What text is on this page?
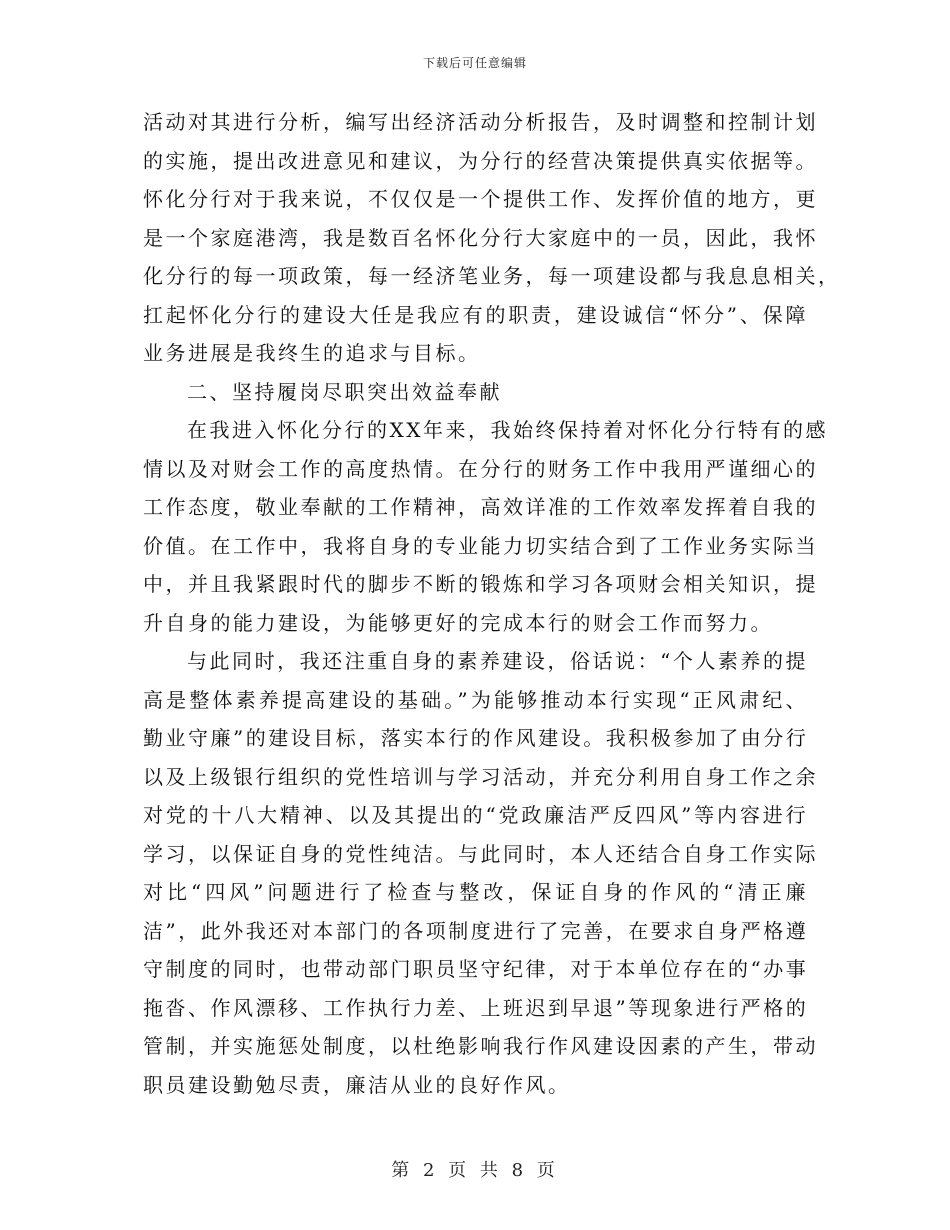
下载后可任意编辑
活动对其进行分析，编写出经济活动分析报告，及时调整和控制计划
的实施，提出改进意见和建议，为分行的经营决策提供真实依据等。
怀化分行对于我来说，不仅仅是一个提供工作、发挥价值的地方，更
是一个家庭港湾，我是数百名怀化分行大家庭中的一员，因此，我怀
化分行的每一项政策，每一经济笔业务，每一项建设都与我息息相关，
扛起怀化分行的建设大任是我应有的职责，建设诚信“怀分”、保障
业务进展是我终生的追求与目标。
二、坚持履岗尽职突出效益奉献
在我进入怀化分行的XX年来，我始终保持着对怀化分行特有的感
情以及对财会工作的高度热情。在分行的财务工作中我用严谨细心的
工作态度，敬业奉献的工作精神，高效详准的工作效率发挥着自我的
价值。在工作中，我将自身的专业能力切实结合到了工作业务实际当
中，并且我紧跟时代的脚步不断的锻炼和学习各项财会相关知识，提
升自身的能力建设，为能够更好的完成本行的财会工作而努力。
与此同时，我还注重自身的素养建设，俗话说：“个人素养的提
高是整体素养提高建设的基础。”为能够推动本行实现“正风肃纪、
勤业守廉”的建设目标，落实本行的作风建设。我积极参加了由分行
以及上级银行组织的党性培训与学习活动，并充分利用自身工作之余
对党的十八大精神、以及其提出的“党政廉洁严反四风”等内容进行
学习，以保证自身的党性纯洁。与此同时，本人还结合自身工作实际
对比“四风”问题进行了检查与整改，保证自身的作风的“清正廉
洁”，此外我还对本部门的各项制度进行了完善，在要求自身严格遵
守制度的同时，也带动部门职员坚守纪律，对于本单位存在的“办事
拖沓、作风漂移、工作执行力差、上班迟到早退”等现象进行严格的
管制，并实施惩处制度，以杜绝影响我行作风建设因素的产生，带动
职员建设勤勉尽责，廉洁从业的良好作风。
第 2 页 共 8 页
